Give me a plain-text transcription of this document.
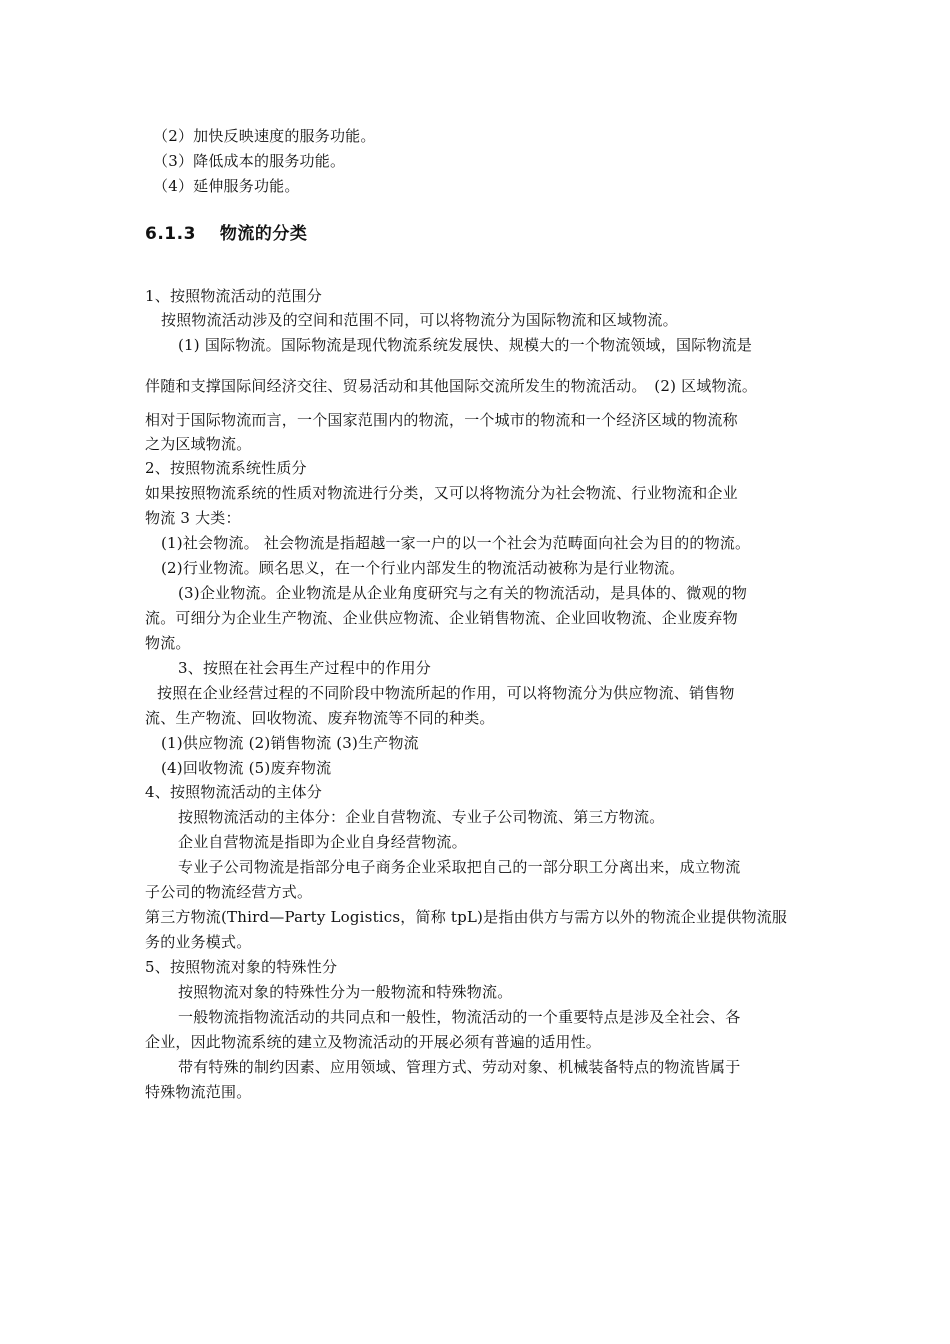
（2）加快反映速度的服务功能。
（3）降低成本的服务功能。
（4）延伸服务功能。
6.1.3　 物流的分类
1、按照物流活动的范围分
按照物流活动涉及的空间和范围不同，可以将物流分为国际物流和区域物流。
(1) 国际物流。国际物流是现代物流系统发展快、规模大的一个物流领域，国际物流是
伴随和支撑国际间经济交往、贸易活动和其他国际交流所发生的物流活动。　(2) 区域物流。
相对于国际物流而言，一个国家范围内的物流，一个城市的物流和一个经济区域的物流称
之为区域物流。
2、按照物流系统性质分
如果按照物流系统的性质对物流进行分类，又可以将物流分为社会物流、行业物流和企业
物流 3 大类：
(1)社会物流。 社会物流是指超越一家一户的以一个社会为范畴面向社会为目的的物流。
(2)行业物流。顾名思义，在一个行业内部发生的物流活动被称为是行业物流。
(3)企业物流。企业物流是从企业角度研究与之有关的物流活动，是具体的、微观的物
流。可细分为企业生产物流、企业供应物流、企业销售物流、企业回收物流、企业废弃物
物流。
3、按照在社会再生产过程中的作用分
按照在企业经营过程的不同阶段中物流所起的作用，可以将物流分为供应物流、销售物
流、生产物流、回收物流、废弃物流等不同的种类。
(1)供应物流 (2)销售物流 (3)生产物流
(4)回收物流 (5)废弃物流
4、按照物流活动的主体分
按照物流活动的主体分：企业自营物流、专业子公司物流、第三方物流。
企业自营物流是指即为企业自身经营物流。
专业子公司物流是指部分电子商务企业采取把自己的一部分职工分离出来，成立物流
子公司的物流经营方式。
第三方物流(Third—Party Logistics，简称 tpL)是指由供方与需方以外的物流企业提供物流服
务的业务模式。
5、按照物流对象的特殊性分
按照物流对象的特殊性分为一般物流和特殊物流。
一般物流指物流活动的共同点和一般性，物流活动的一个重要特点是涉及全社会、各
企业，因此物流系统的建立及物流活动的开展必须有普遍的适用性。
带有特殊的制约因素、应用领域、管理方式、劳动对象、机械装备特点的物流皆属于
特殊物流范围。
